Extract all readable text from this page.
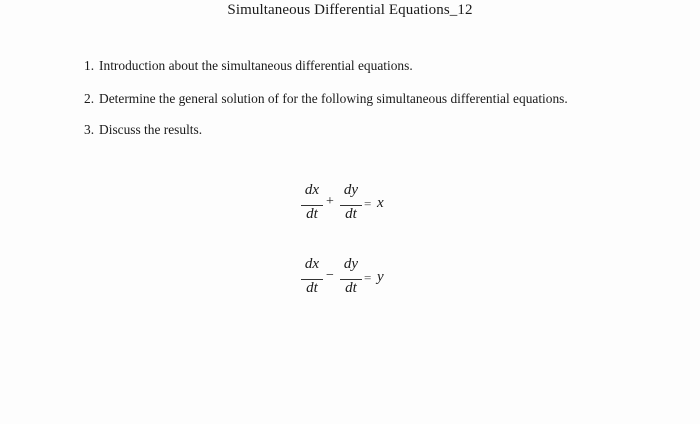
Simultaneous Differential Equations_12
1. Introduction about the simultaneous differential equations.
2. Determine the general solution of for the following simultaneous differential equations.
3. Discuss the results.
dx
dt
+
dy
dt
= x
dx
dt
−
dy
dt
= y
